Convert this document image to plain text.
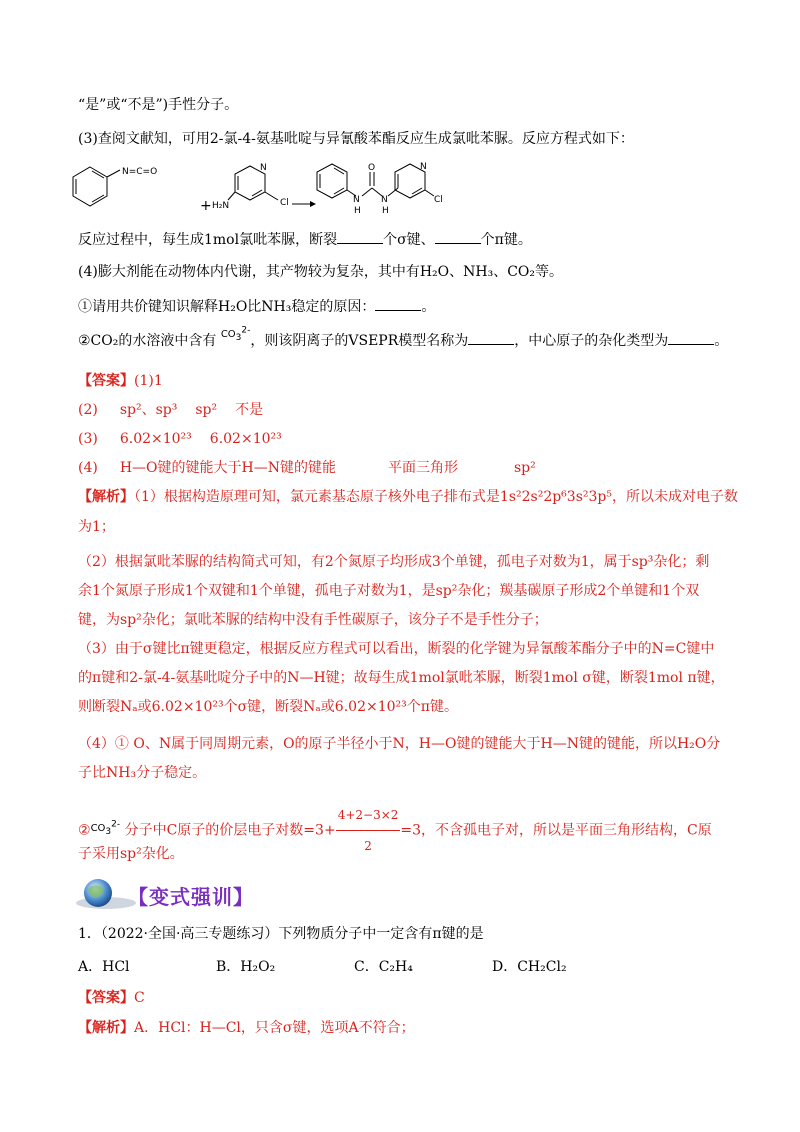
“是”或“不是”)手性分子。
(3)查阅文献知，可用2-氯-4-氨基吡啶与异氰酸苯酯反应生成氯吡苯脲。反应方程式如下：
N=C=O
+ H₂N
N
Cl	N
H
O
N
H
N
Cl
反应过程中，每生成1mol氯吡苯脲，断裂	个σ键、	个π键。
(4)膨大剂能在动物体内代谢，其产物较为复杂，其中有H₂O、NH₃、CO₂等。
①请用共价键知识解释H₂O比NH₃稳定的原因：	。
②CO₂的水溶液中含有 $CO_3^{2-}$，则该阴离子的VSEPR模型名称为	，中心原子的杂化类型为	。
【答案】(1)1
(2) sp²、sp³ sp² 不是
(3) 6.02×10²³ 6.02×10²³
(4) H—O键的键能大于H—N键的键能	平面三角形	sp²
【解析】（1）根据构造原理可知，氯元素基态原子核外电子排布式是1s²2s²2p⁶3s²3p⁵，所以未成对电子数
为1；
（2）根据氯吡苯脲的结构简式可知，有2个氮原子均形成3个单键，孤电子对数为1，属于sp³杂化；剩
余1个氮原子形成1个双键和1个单键，孤电子对数为1，是sp²杂化；羰基碳原子形成2个单键和1个双
键，为sp²杂化；氯吡苯脲的结构中没有手性碳原子，该分子不是手性分子；
（3）由于σ键比π键更稳定，根据反应方程式可以看出，断裂的化学键为异氰酸苯酯分子中的N=C键中
的π键和2-氯-4-氨基吡啶分子中的N—H键；故每生成1mol氯吡苯脲，断裂1mol σ键，断裂1mol π键，
则断裂Nₐ或6.02×10²³个σ键，断裂Nₐ或6.02×10²³个π键。
（4）① O、N属于同周期元素，O的原子半径小于N，H—O键的键能大于H—N键的键能，所以H₂O分
子比NH₃分子稳定。
$②CO_3^{2-}$ 分子中C原子的价层电子对数$=3+ \frac{4+2-3\times 2}{2} =3$，不含孤电子对，所以是平面三角形结构，C原
子采用sp²杂化。
【变式强训】
1．（2022·全国·高三专题练习）下列物质分子中一定含有π键的是
A．HCl	B．H₂O₂	C．C₂H₄	D．CH₂Cl₂
【答案】C
【解析】A．HCl：H—Cl，只含σ键，选项A不符合；
